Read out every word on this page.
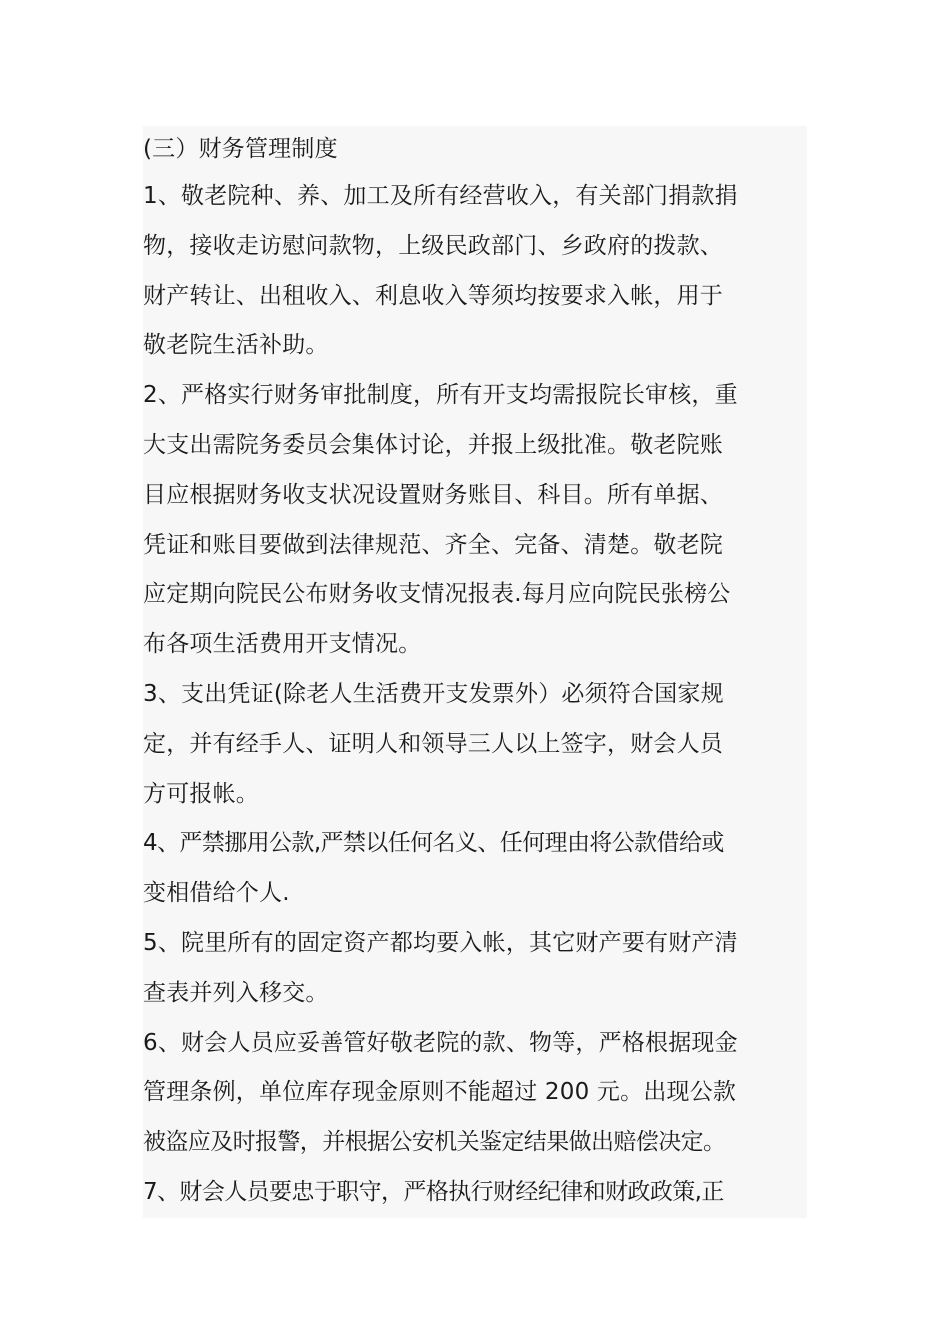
(三）财务管理制度
1、敬老院种、养、加工及所有经营收入，有关部门捐款捐
物，接收走访慰问款物，上级民政部门、乡政府的拨款、
财产转让、出租收入、利息收入等须均按要求入帐，用于
敬老院生活补助。
2、严格实行财务审批制度，所有开支均需报院长审核，重
大支出需院务委员会集体讨论，并报上级批准。敬老院账
目应根据财务收支状况设置财务账目、科目。所有单据、
凭证和账目要做到法律规范、齐全、完备、清楚。敬老院
应定期向院民公布财务收支情况报表.每月应向院民张榜公
布各项生活费用开支情况。
3、支出凭证(除老人生活费开支发票外）必须符合国家规
定，并有经手人、证明人和领导三人以上签字，财会人员
方可报帐。
4、严禁挪用公款,严禁以任何名义、任何理由将公款借给或
变相借给个人.
5、院里所有的固定资产都均要入帐，其它财产要有财产清
查表并列入移交。
6、财会人员应妥善管好敬老院的款、物等，严格根据现金
管理条例，单位库存现金原则不能超过 200 元。出现公款
被盗应及时报警，并根据公安机关鉴定结果做出赔偿决定。
7、财会人员要忠于职守，严格执行财经纪律和财政政策,正
